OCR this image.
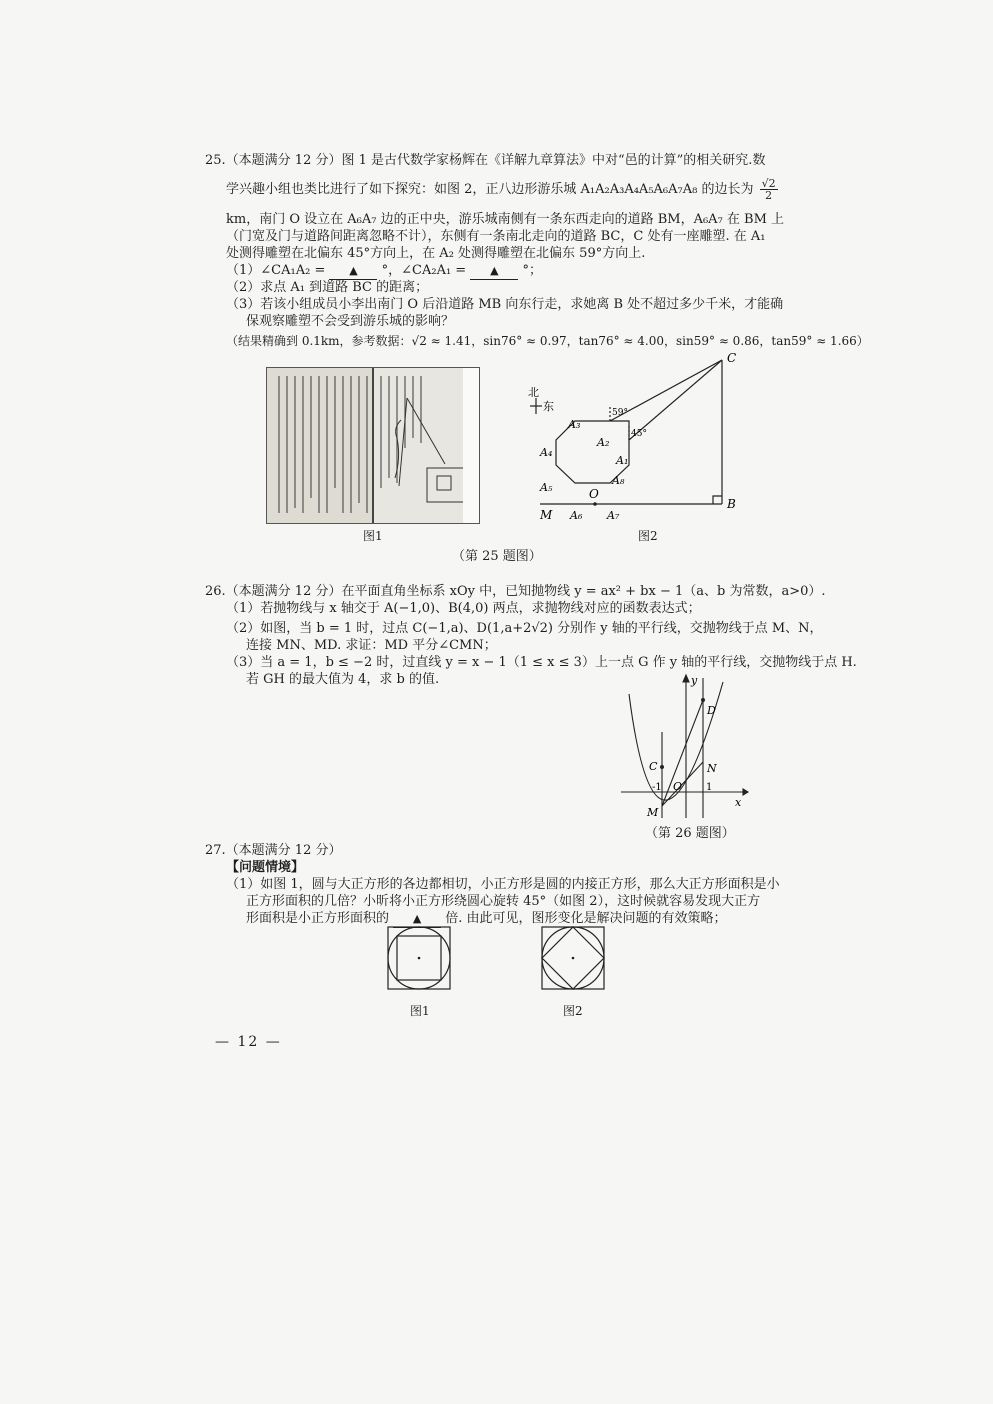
25.（本题满分 12 分）图 1 是古代数学家杨辉在《详解九章算法》中对“邑的计算”的相关研究.数
学兴趣小组也类比进行了如下探究：如图 2，正八边形游乐城 A₁A₂A₃A₄A₅A₆A₇A₈ 的边长为 $\frac{√2}{2}$
km，南门 O 设立在 A₆A₇ 边的正中央，游乐城南侧有一条东西走向的道路 BM，A₆A₇ 在 BM 上
（门宽及门与道路间距离忽略不计），东侧有一条南北走向的道路 BC，C 处有一座雕塑. 在 A₁
处测得雕塑在北偏东 45°方向上，在 A₂ 处测得雕塑在北偏东 59°方向上.
（1）∠CA₁A₂ = ▲ °，∠CA₂A₁ = ▲ °；
（2）求点 A₁ 到道路 BC 的距离；
（3）若该小组成员小李出南门 O 后沿道路 MB 向东行走，求她离 B 处不超过多少千米，才能确
保观察雕塑不会受到游乐城的影响？
（结果精确到 0.1km，参考数据：√2 ≈ 1.41，sin76° ≈ 0.97，tan76° ≈ 4.00，sin59° ≈ 0.86，tan59° ≈ 1.66）
图1
北
东
C
B
M
O
A₁
A₂
A₃
A₄
A₅
A₆ A₇
A₈
59°
45°
图2
（第 25 题图）
26.（本题满分 12 分）在平面直角坐标系 xOy 中，已知抛物线 y = ax² + bx − 1（a、b 为常数，a>0）.
（1）若抛物线与 x 轴交于 A(−1,0)、B(4,0) 两点，求抛物线对应的函数表达式；
（2）如图，当 b = 1 时，过点 C(−1,a)、D(1,a+2√2) 分别作 y 轴的平行线，交抛物线于点 M、N，
连接 MN、MD. 求证：MD 平分∠CMN；
（3）当 a = 1，b ≤ −2 时，过直线 y = x − 1（1 ≤ x ≤ 3）上一点 G 作 y 轴的平行线，交抛物线于点 H.
若 GH 的最大值为 4，求 b 的值.	y
x
D
C	N
M
O
-1	1
（第 26 题图）
27.（本题满分 12 分）
【问题情境】
（1）如图 1，圆与大正方形的各边都相切，小正方形是圆的内接正方形，那么大正方形面积是小
正方形面积的几倍？小昕将小正方形绕圆心旋转 45°（如图 2），这时候就容易发现大正方
形面积是小正方形面积的 ▲ 倍. 由此可见，图形变化是解决问题的有效策略；
图1	图2
— 12 —
